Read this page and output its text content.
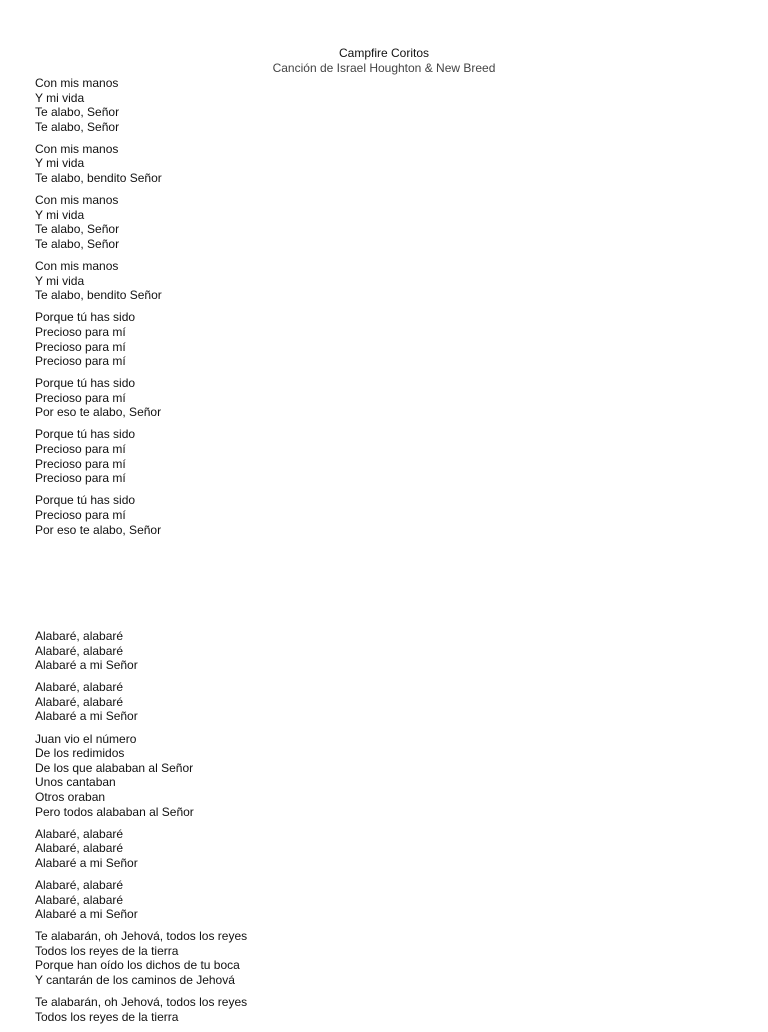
Campfire Coritos
Canción de Israel Houghton & New Breed
Con mis manos
Y mi vida
Te alabo, Señor
Te alabo, Señor
Con mis manos
Y mi vida
Te alabo, bendito Señor
Con mis manos
Y mi vida
Te alabo, Señor
Te alabo, Señor
Con mis manos
Y mi vida
Te alabo, bendito Señor
Porque tú has sido
Precioso para mí
Precioso para mí
Precioso para mí
Porque tú has sido
Precioso para mí
Por eso te alabo, Señor
Porque tú has sido
Precioso para mí
Precioso para mí
Precioso para mí
Porque tú has sido
Precioso para mí
Por eso te alabo, Señor
Alabaré, alabaré
Alabaré, alabaré
Alabaré a mi Señor
Alabaré, alabaré
Alabaré, alabaré
Alabaré a mi Señor
Juan vio el número
De los redimidos
De los que alababan al Señor
Unos cantaban
Otros oraban
Pero todos alababan al Señor
Alabaré, alabaré
Alabaré, alabaré
Alabaré a mi Señor
Alabaré, alabaré
Alabaré, alabaré
Alabaré a mi Señor
Te alabarán, oh Jehová, todos los reyes
Todos los reyes de la tierra
Porque han oído los dichos de tu boca
Y cantarán de los caminos de Jehová
Te alabarán, oh Jehová, todos los reyes
Todos los reyes de la tierra
